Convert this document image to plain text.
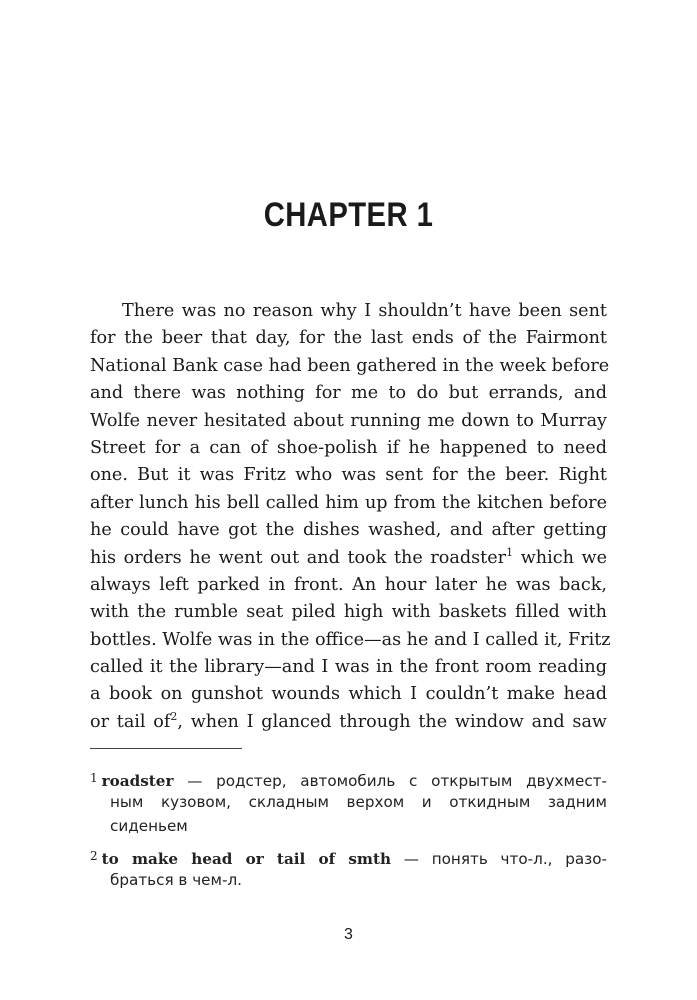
CHAPTER 1
There was no reason why I shouldn’t have been sent
for the beer that day, for the last ends of the Fairmont
National Bank case had been gathered in the week before
and there was nothing for me to do but errands, and
Wolfe never hesitated about running me down to Murray
Street for a can of shoe-polish if he happened to need
one. But it was Fritz who was sent for the beer. Right
after lunch his bell called him up from the kitchen before
he could have got the dishes washed, and after getting
his orders he went out and took the roadster$^1$ which we
always left parked in front. An hour later he was back,
with the rumble seat piled high with baskets filled with
bottles. Wolfe was in the office—as he and I called it, Fritz
called it the library—and I was in the front room reading
a book on gunshot wounds which I couldn’t make head
or tail $of^2$, when I glanced through the window and saw
$^1$ roadster — родстер, автомобиль с открытым двухмест-
ным кузовом, складным верхом и откидным задним
сиденьем
$^2$ to make head or tail of smth — понять что-л., разо-
браться в чем-л.
3
